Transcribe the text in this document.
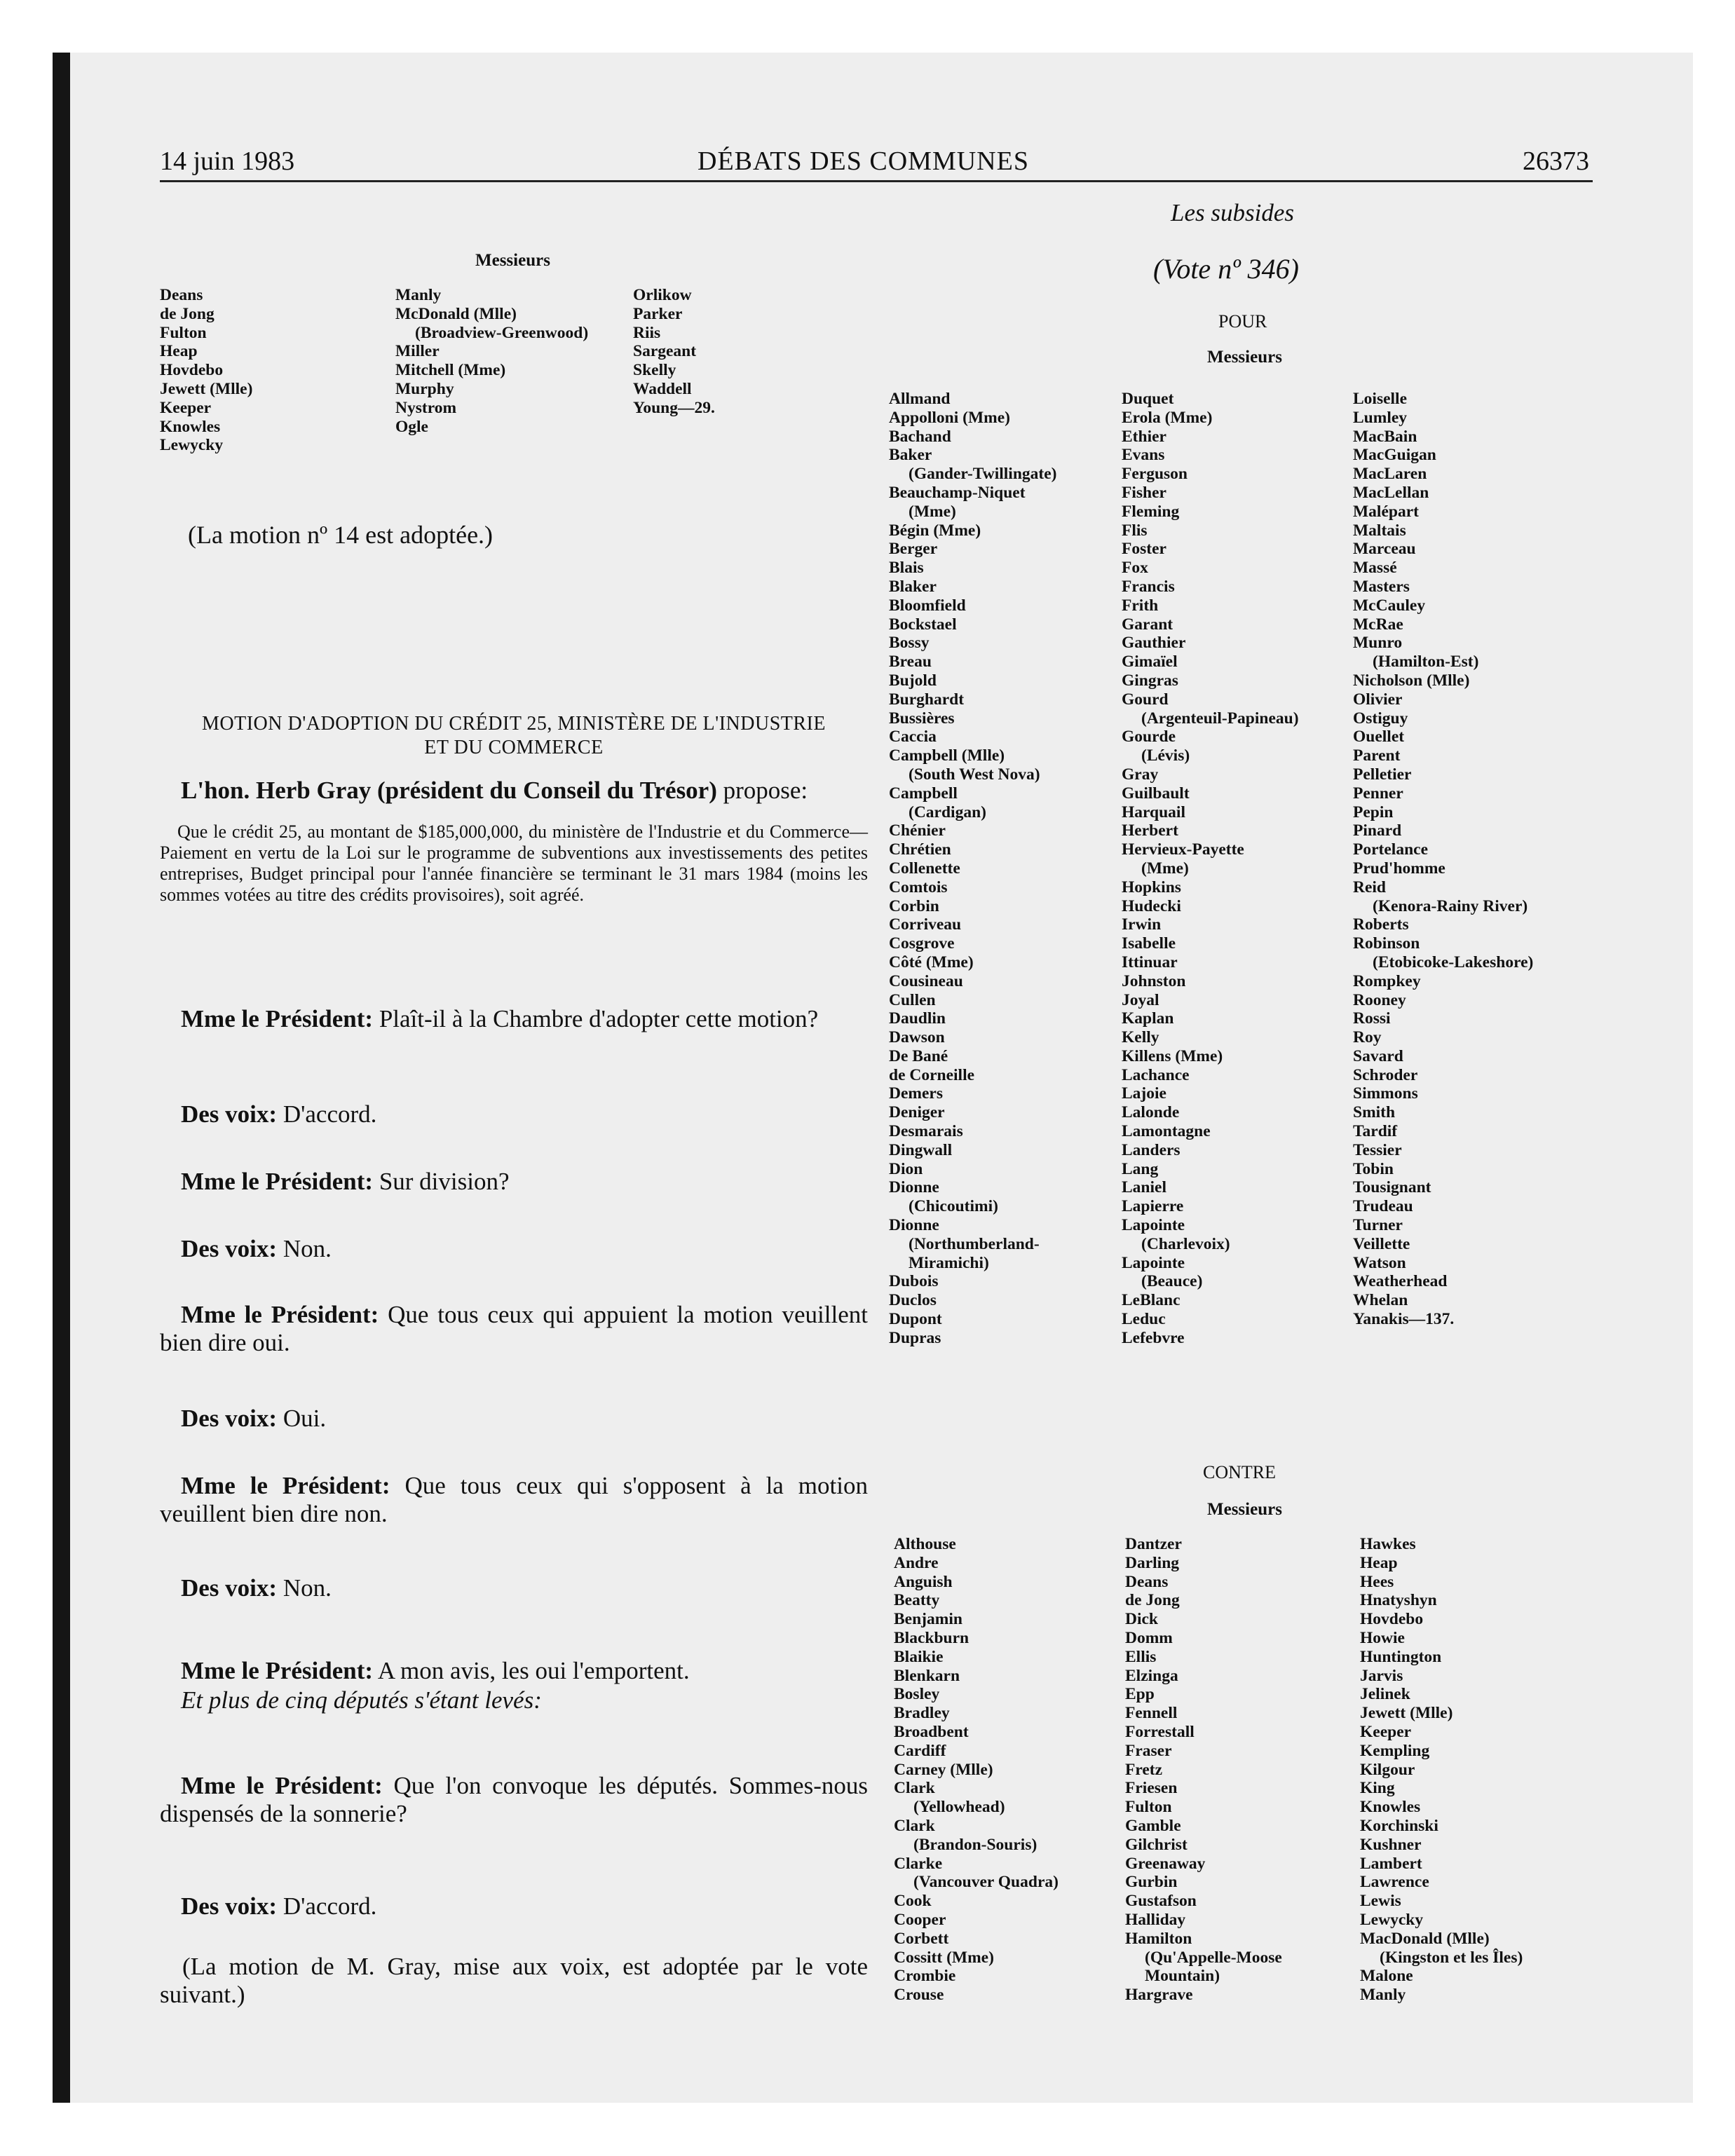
14 juin 1983	DÉBATS DES COMMUNES	26373
Messieurs
Deans
de Jong
Fulton
Heap
Hovdebo
Jewett (Mlle)
Keeper
Knowles
Lewycky
Manly
McDonald (Mlle)
(Broadview-Greenwood)
Miller
Mitchell (Mme)
Murphy
Nystrom
Ogle
Orlikow
Parker
Riis
Sargeant
Skelly
Waddell
Young—29.
(La motion nº 14 est adoptée.)
MOTION D'ADOPTION DU CRÉDIT 25, MINISTÈRE DE L'INDUSTRIE
ET DU COMMERCE
L'hon. Herb Gray (président du Conseil du Trésor) propose:
Que le crédit 25, au montant de $185,000,000, du ministère de l'Industrie et du Commerce—Paiement en vertu de la Loi sur le programme de subventions aux investissements des petites entreprises, Budget principal pour l'année financière se terminant le 31 mars 1984 (moins les sommes votées au titre des crédits provisoires), soit agréé.
Mme le Président: Plaît-il à la Chambre d'adopter cette motion?
Des voix: D'accord.
Mme le Président: Sur division?
Des voix: Non.
Mme le Président: Que tous ceux qui appuient la motion veuillent bien dire oui.
Des voix: Oui.
Mme le Président: Que tous ceux qui s'opposent à la motion veuillent bien dire non.
Des voix: Non.
Mme le Président: A mon avis, les oui l'emportent.
Et plus de cinq députés s'étant levés:
Mme le Président: Que l'on convoque les députés. Sommes-nous dispensés de la sonnerie?
Des voix: D'accord.
(La motion de M. Gray, mise aux voix, est adoptée par le vote suivant.)
Les subsides
(Vote nº 346)
POUR
Messieurs
Allmand
Appolloni (Mme)
Bachand
Baker
(Gander-Twillingate)
Beauchamp-Niquet
(Mme)
Bégin (Mme)
Berger
Blais
Blaker
Bloomfield
Bockstael
Bossy
Breau
Bujold
Burghardt
Bussières
Caccia
Campbell (Mlle)
(South West Nova)
Campbell
(Cardigan)
Chénier
Chrétien
Collenette
Comtois
Corbin
Corriveau
Cosgrove
Côté (Mme)
Cousineau
Cullen
Daudlin
Dawson
De Bané
de Corneille
Demers
Deniger
Desmarais
Dingwall
Dion
Dionne
(Chicoutimi)
Dionne
(Northumberland-
Miramichi)
Dubois
Duclos
Dupont
Dupras
Duquet
Erola (Mme)
Ethier
Evans
Ferguson
Fisher
Fleming
Flis
Foster
Fox
Francis
Frith
Garant
Gauthier
Gimaïel
Gingras
Gourd
(Argenteuil-Papineau)
Gourde
(Lévis)
Gray
Guilbault
Harquail
Herbert
Hervieux-Payette
(Mme)
Hopkins
Hudecki
Irwin
Isabelle
Ittinuar
Johnston
Joyal
Kaplan
Kelly
Killens (Mme)
Lachance
Lajoie
Lalonde
Lamontagne
Landers
Lang
Laniel
Lapierre
Lapointe
(Charlevoix)
Lapointe
(Beauce)
LeBlanc
Leduc
Lefebvre
Loiselle
Lumley
MacBain
MacGuigan
MacLaren
MacLellan
Malépart
Maltais
Marceau
Massé
Masters
McCauley
McRae
Munro
(Hamilton-Est)
Nicholson (Mlle)
Olivier
Ostiguy
Ouellet
Parent
Pelletier
Penner
Pepin
Pinard
Portelance
Prud'homme
Reid
(Kenora-Rainy River)
Roberts
Robinson
(Etobicoke-Lakeshore)
Rompkey
Rooney
Rossi
Roy
Savard
Schroder
Simmons
Smith
Tardif
Tessier
Tobin
Tousignant
Trudeau
Turner
Veillette
Watson
Weatherhead
Whelan
Yanakis—137.
CONTRE
Messieurs
Althouse
Andre
Anguish
Beatty
Benjamin
Blackburn
Blaikie
Blenkarn
Bosley
Bradley
Broadbent
Cardiff
Carney (Mlle)
Clark
(Yellowhead)
Clark
(Brandon-Souris)
Clarke
(Vancouver Quadra)
Cook
Cooper
Corbett
Cossitt (Mme)
Crombie
Crouse
Dantzer
Darling
Deans
de Jong
Dick
Domm
Ellis
Elzinga
Epp
Fennell
Forrestall
Fraser
Fretz
Friesen
Fulton
Gamble
Gilchrist
Greenaway
Gurbin
Gustafson
Halliday
Hamilton
(Qu'Appelle-Moose
Mountain)
Hargrave
Hawkes
Heap
Hees
Hnatyshyn
Hovdebo
Howie
Huntington
Jarvis
Jelinek
Jewett (Mlle)
Keeper
Kempling
Kilgour
King
Knowles
Korchinski
Kushner
Lambert
Lawrence
Lewis
Lewycky
MacDonald (Mlle)
(Kingston et les Îles)
Malone
Manly
